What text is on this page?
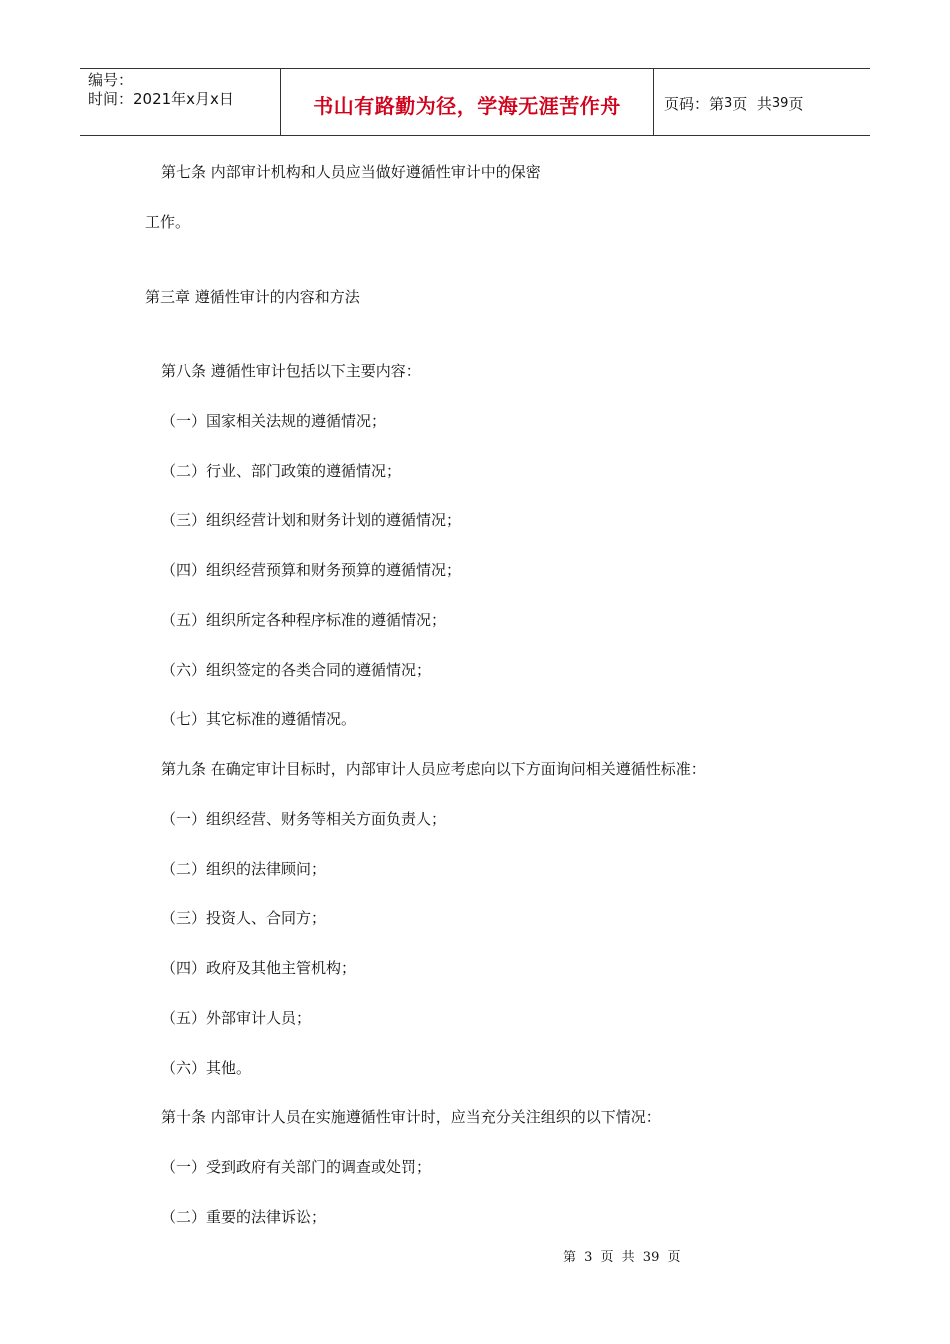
编号：
时间：2021年x月x日	书山有路勤为径，学海无涯苦作舟	页码：第 3 页  共 39 页
第七条 内部审计机构和人员应当做好遵循性审计中的保密
工作。
第三章 遵循性审计的内容和方法
第八条 遵循性审计包括以下主要内容：
（一）国家相关法规的遵循情况；
（二）行业、部门政策的遵循情况；
（三）组织经营计划和财务计划的遵循情况；
（四）组织经营预算和财务预算的遵循情况；
（五）组织所定各种程序标准的遵循情况；
（六）组织签定的各类合同的遵循情况；
（七）其它标准的遵循情况。
第九条 在确定审计目标时，内部审计人员应考虑向以下方面询问相关遵循性标准：
（一）组织经营、财务等相关方面负责人；
（二）组织的法律顾问；
（三）投资人、合同方；
（四）政府及其他主管机构；
（五）外部审计人员；
（六）其他。
第十条 内部审计人员在实施遵循性审计时，应当充分关注组织的以下情况：
（一）受到政府有关部门的调查或处罚；
（二）重要的法律诉讼；
第 3 页 共 39 页
